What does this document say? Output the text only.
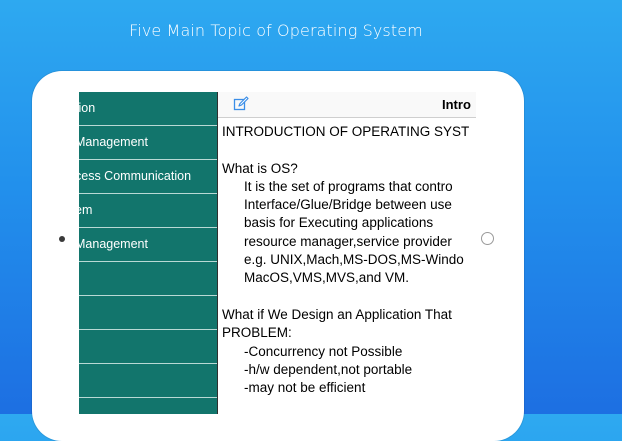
Five Main Topic of Operating System
tion
Management
cess Communication
em
Management
Intro
INTRODUCTION OF OPERATING SYST
What is OS?
It is the set of programs that contro
Interface/Glue/Bridge between use
basis for Executing applications
resource manager,service provider
e.g. UNIX,Mach,MS-DOS,MS-Windo
MacOS,VMS,MVS,and VM.
What if We Design an Application That
PROBLEM:
-Concurrency not Possible
-h/w dependent,not portable
-may not be efficient
